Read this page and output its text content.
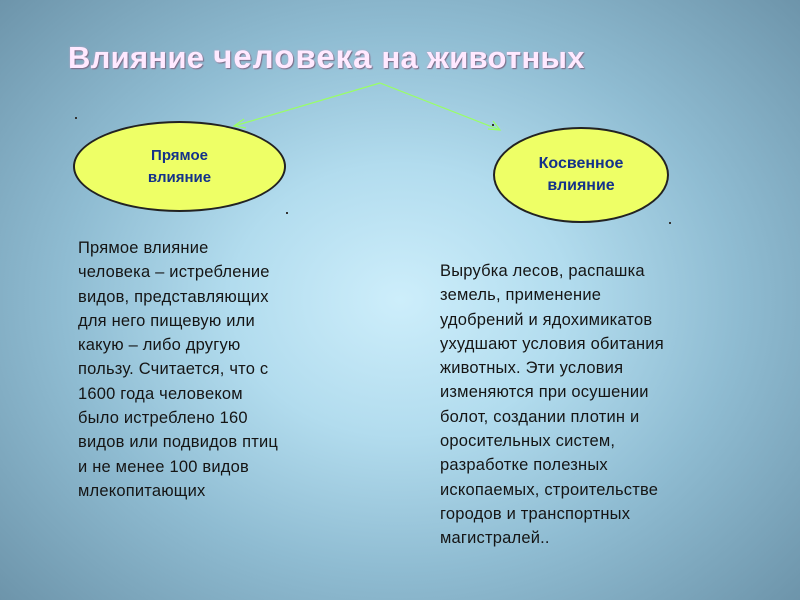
Влияние человека на животных
Прямое
влияние
Косвенное
влияние
Прямое влияние
человека – истребление
видов, представляющих
для него пищевую или
какую – либо другую
пользу. Считается, что с
1600 года человеком
было истреблено 160
видов или подвидов птиц
и не менее 100 видов
млекопитающих
Вырубка лесов, распашка
земель, применение
удобрений и ядохимикатов
ухудшают условия обитания
животных. Эти условия
изменяются при осушении
болот, создании плотин и
оросительных систем,
разработке полезных
ископаемых, строительстве
городов и транспортных
магистралей..
